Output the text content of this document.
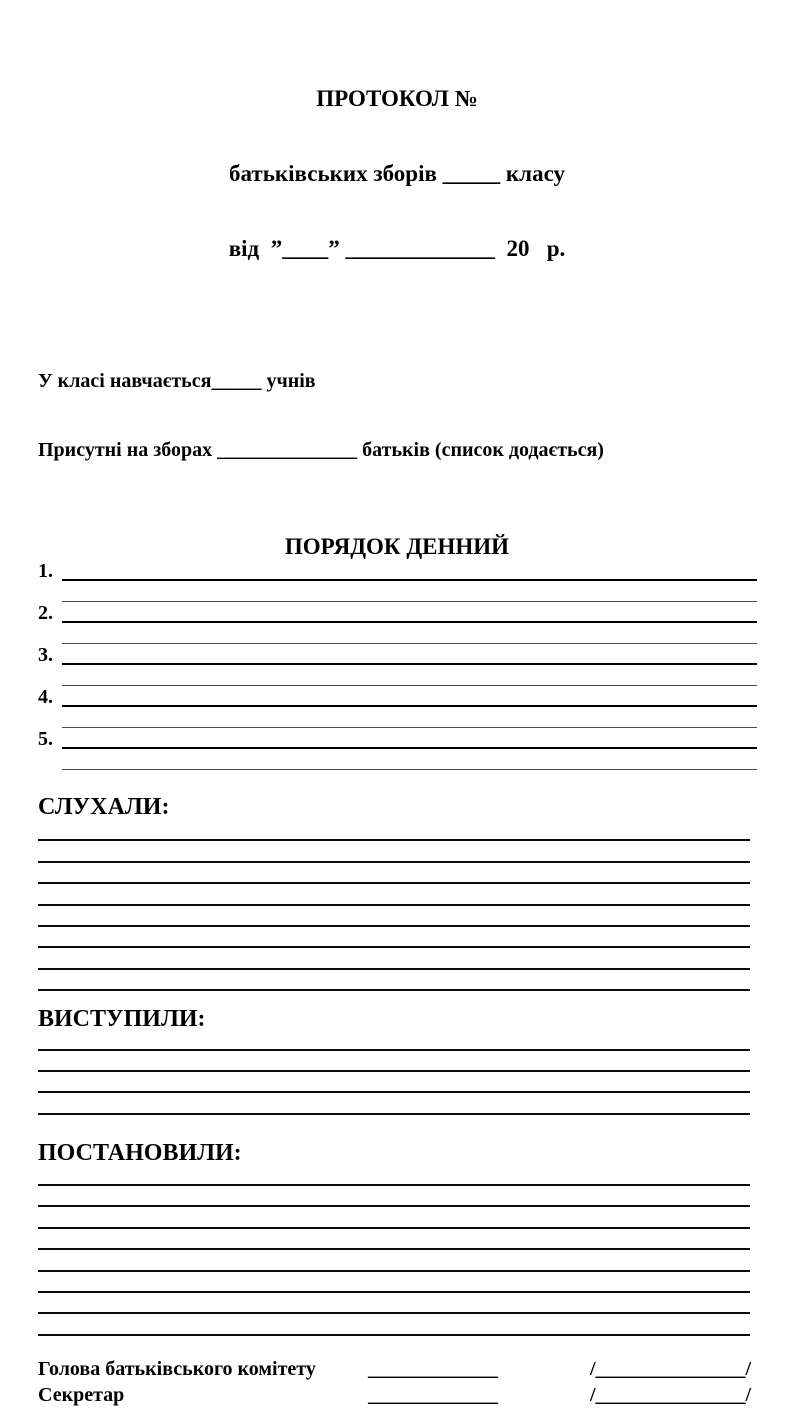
ПРОТОКОЛ №

батьківських зборів _____ класу

від  ”____” _____________  20   р.

У класі навчається_____ учнів

Присутні на зборах ______________ батьків (список додається)

ПОРЯДОК ДЕННИЙ
1.
2.
3.
4.
5.
СЛУХАЛИ:
ВИСТУПИЛИ:
ПОСТАНОВИЛИ:
Голова батьківського комітету	_____________	/_______________/
Секретар	_____________	/_______________/
